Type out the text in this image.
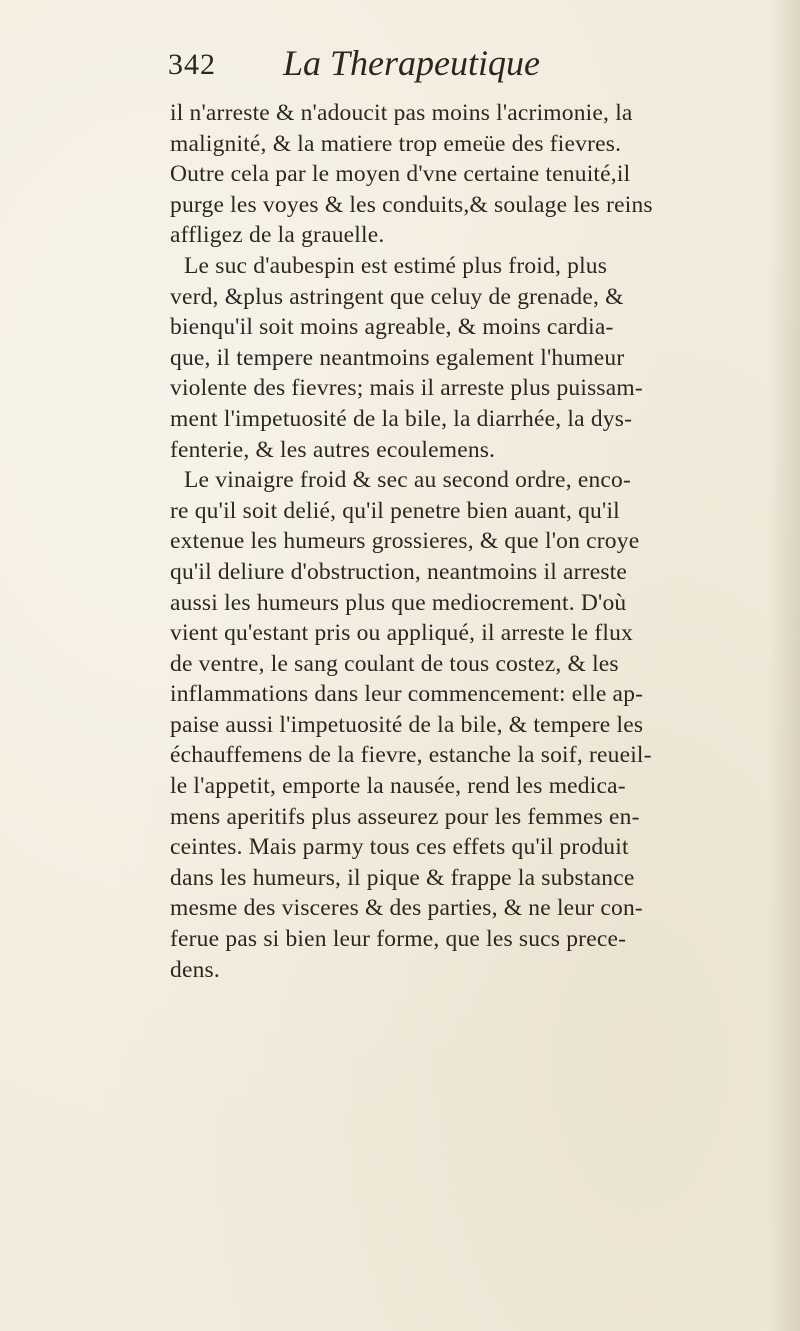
342 La Therapeutique
il n'arreste & n'adoucit pas moins l'acrimonie, la
malignité, & la matiere trop emeüe des fievres.
Outre cela par le moyen d'vne certaine tenuité,il
purge les voyes & les conduits,& soulage les reins
affligez de la grauelle.
Le suc d'aubespin est estimé plus froid, plus
verd, &plus astringent que celuy de grenade, &
bienqu'il soit moins agreable, & moins cardia-
que, il tempere neantmoins egalement l'humeur
violente des fievres; mais il arreste plus puissam-
ment l'impetuosité de la bile, la diarrhée, la dys-
fenterie, & les autres ecoulemens.
Le vinaigre froid & sec au second ordre, enco-
re qu'il soit delié, qu'il penetre bien auant, qu'il
extenue les humeurs grossieres, & que l'on croye
qu'il deliure d'obstruction, neantmoins il arreste
aussi les humeurs plus que mediocrement. D'où
vient qu'estant pris ou appliqué, il arreste le flux
de ventre, le sang coulant de tous costez, & les
inflammations dans leur commencement: elle ap-
paise aussi l'impetuosité de la bile, & tempere les
échauffemens de la fievre, estanche la soif, reueil-
le l'appetit, emporte la nausée, rend les medica-
mens aperitifs plus asseurez pour les femmes en-
ceintes. Mais parmy tous ces effets qu'il produit
dans les humeurs, il pique & frappe la substance
mesme des visceres & des parties, & ne leur con-
ferue pas si bien leur forme, que les sucs prece-
dens.
